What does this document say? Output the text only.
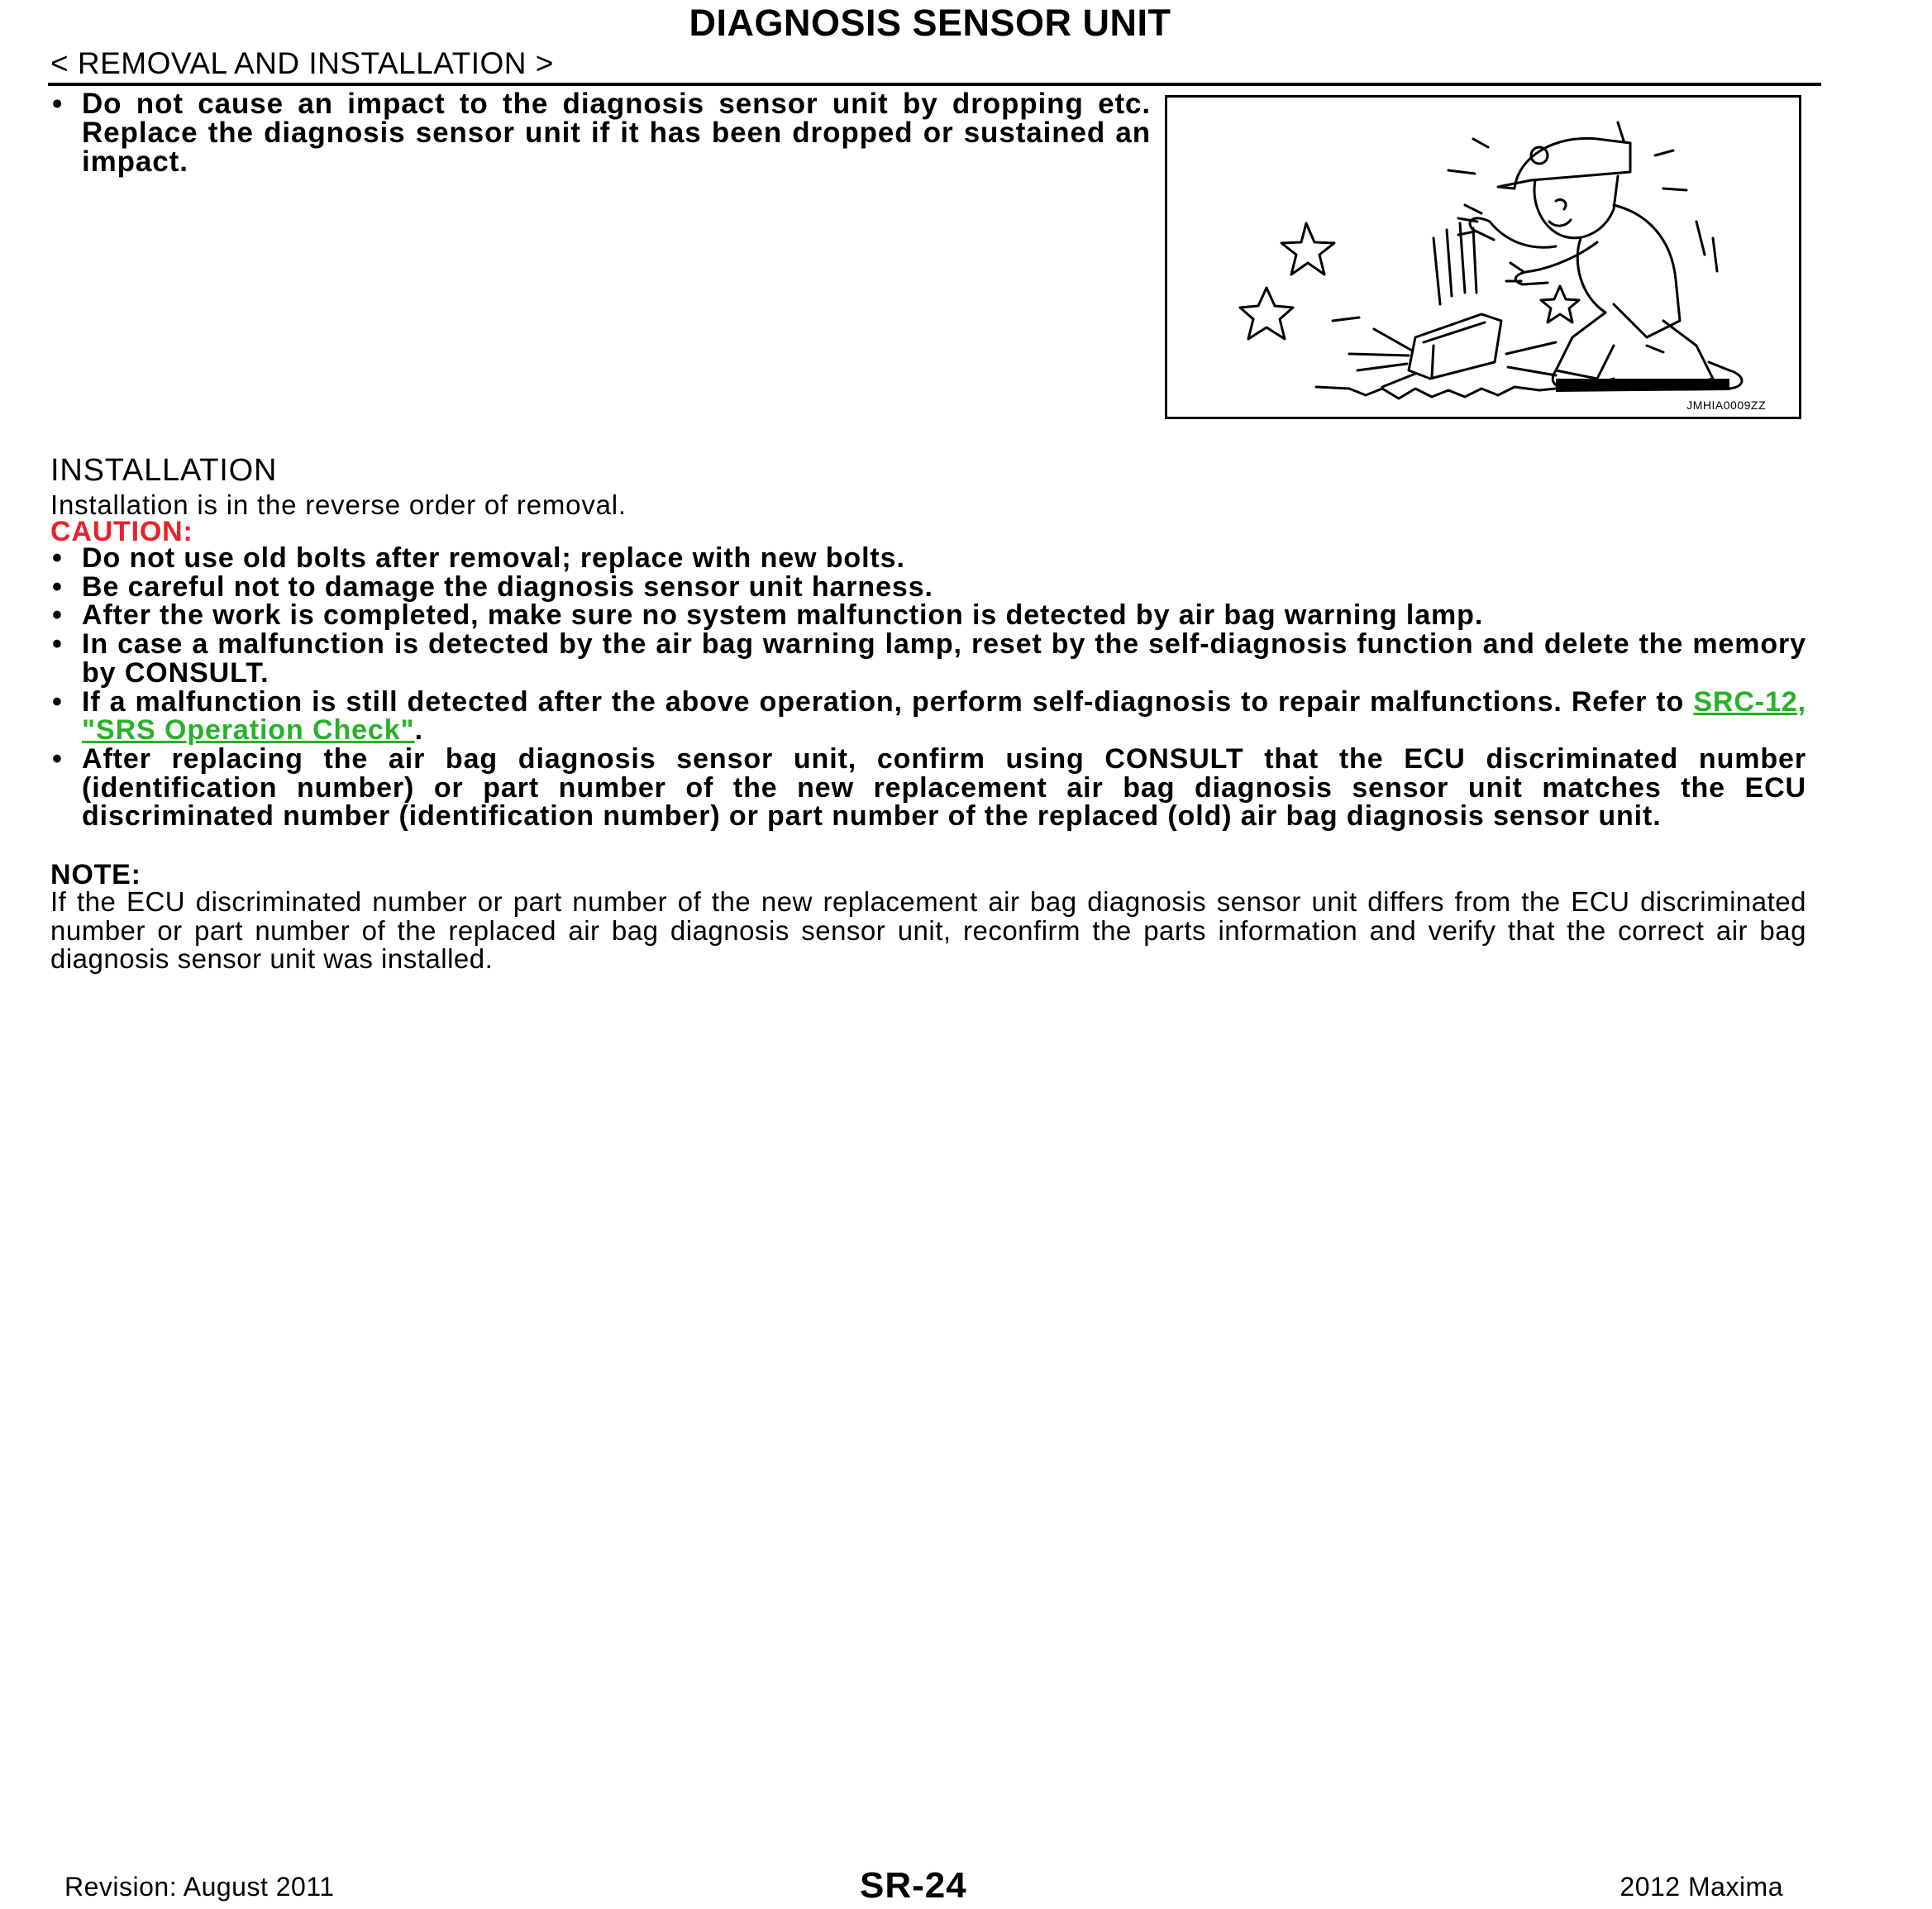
DIAGNOSIS SENSOR UNIT
< REMOVAL AND INSTALLATION >
• Do not cause an impact to the diagnosis sensor unit by dropping etc. Replace the diagnosis sensor unit if it has been dropped or sustained an impact.
JMHIA0009ZZ
INSTALLATION
Installation is in the reverse order of removal.
CAUTION:
• Do not use old bolts after removal; replace with new bolts.
• Be careful not to damage the diagnosis sensor unit harness.
• After the work is completed, make sure no system malfunction is detected by air bag warning lamp.
• In case a malfunction is detected by the air bag warning lamp, reset by the self-diagnosis function and delete the memory by CONSULT.
• If a malfunction is still detected after the above operation, perform self-diagnosis to repair malfunctions. Refer to SRC-12, "SRS Operation Check".
• After replacing the air bag diagnosis sensor unit, confirm using CONSULT that the ECU discriminated number (identification number) or part number of the new replacement air bag diagnosis sensor unit matches the ECU discriminated number (identification number) or part number of the replaced (old) air bag diagnosis sensor unit.
NOTE:
If the ECU discriminated number or part number of the new replacement air bag diagnosis sensor unit differs from the ECU discriminated number or part number of the replaced air bag diagnosis sensor unit, reconfirm the parts information and verify that the correct air bag diagnosis sensor unit was installed.
Revision: August 2011	SR-24	2012 Maxima
